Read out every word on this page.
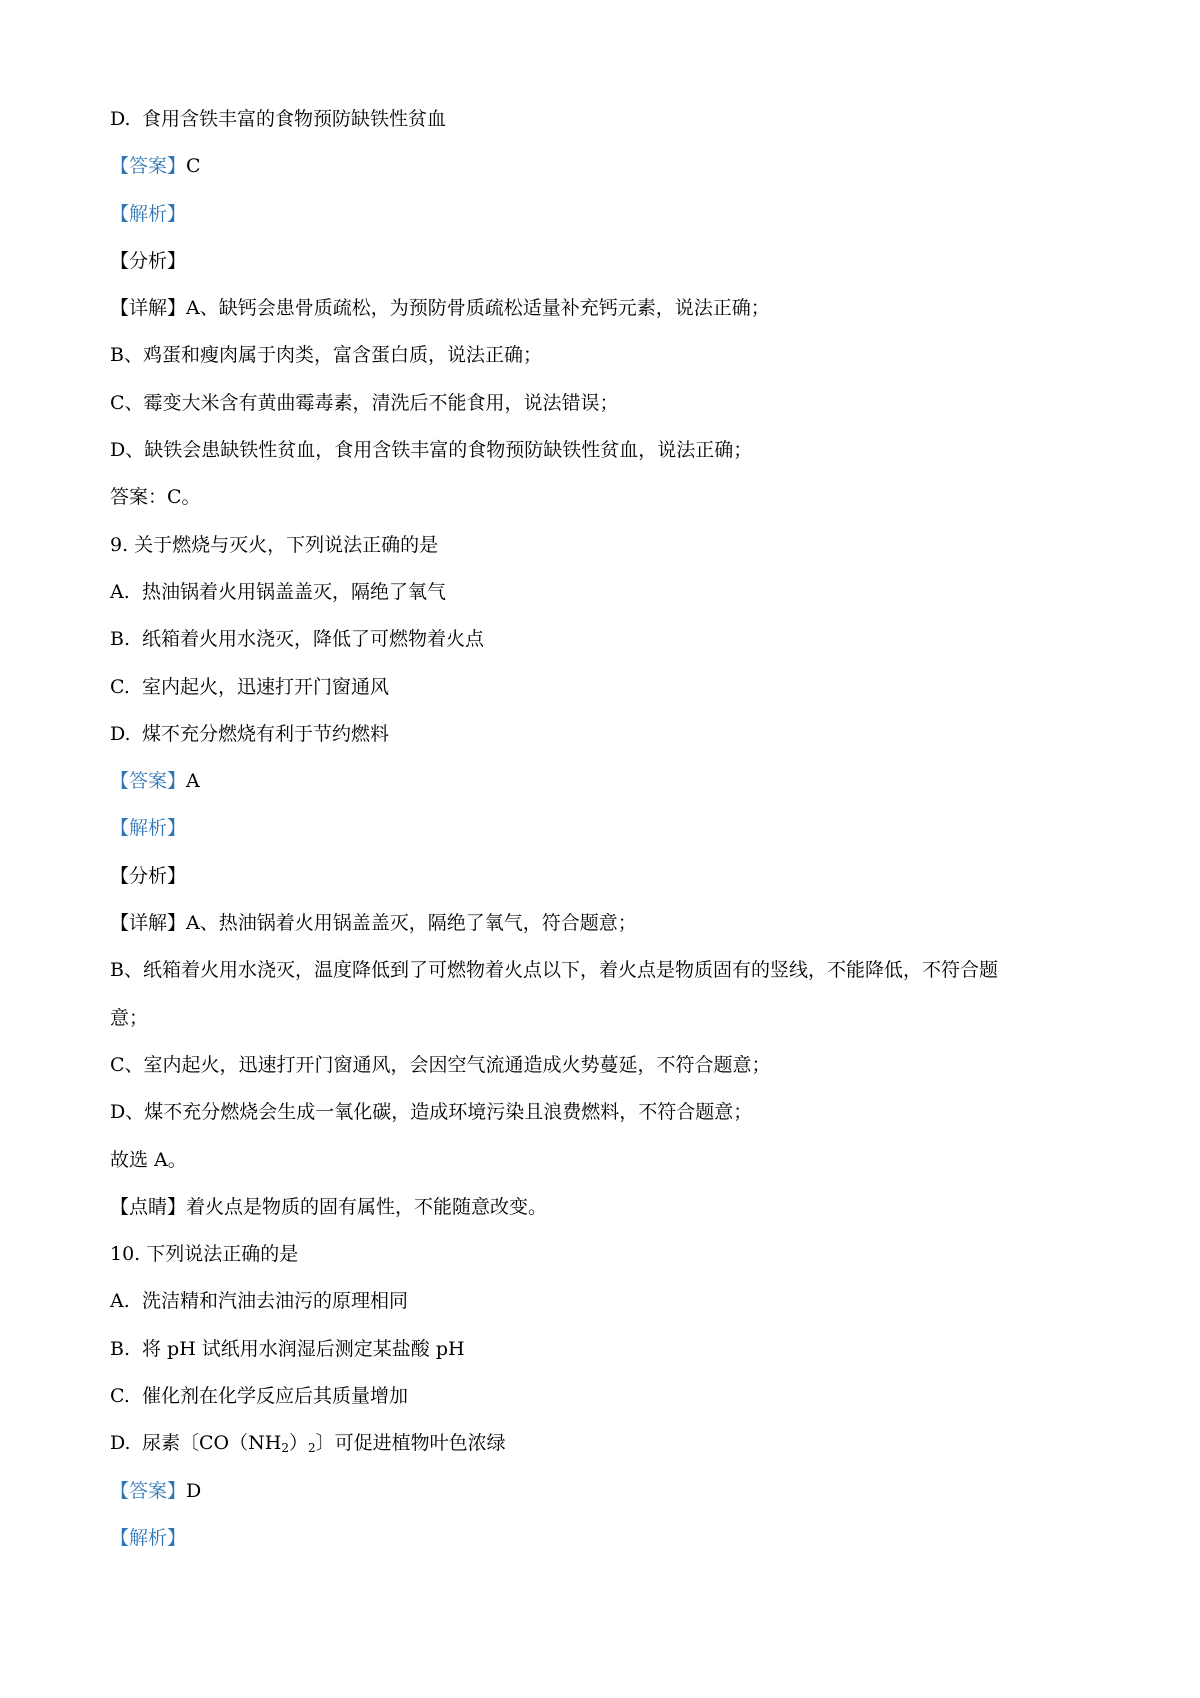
D. 食用含铁丰富的食物预防缺铁性贫血
【答案】C
【解析】
【分析】
【详解】A、缺钙会患骨质疏松，为预防骨质疏松适量补充钙元素，说法正确；
B、鸡蛋和瘦肉属于肉类，富含蛋白质，说法正确；
C、霉变大米含有黄曲霉毒素，清洗后不能食用，说法错误；
D、缺铁会患缺铁性贫血，食用含铁丰富的食物预防缺铁性贫血，说法正确；
答案：C。
9. 关于燃烧与灭火，下列说法正确的是
A. 热油锅着火用锅盖盖灭，隔绝了氧气
B. 纸箱着火用水浇灭，降低了可燃物着火点
C. 室内起火，迅速打开门窗通风
D. 煤不充分燃烧有利于节约燃料
【答案】A
【解析】
【分析】
【详解】A、热油锅着火用锅盖盖灭，隔绝了氧气，符合题意；
B、纸箱着火用水浇灭，温度降低到了可燃物着火点以下，着火点是物质固有的竖线，不能降低，不符合题
意；
C、室内起火，迅速打开门窗通风，会因空气流通造成火势蔓延，不符合题意；
D、煤不充分燃烧会生成一氧化碳，造成环境污染且浪费燃料，不符合题意；
故选 A。
【点睛】着火点是物质的固有属性，不能随意改变。
10. 下列说法正确的是
A. 洗洁精和汽油去油污的原理相同
B. 将 pH 试纸用水润湿后测定某盐酸 pH
C. 催化剂在化学反应后其质量增加
D. 尿素〔$CO(NH_2)_2$〕可促进植物叶色浓绿
【答案】D
【解析】
